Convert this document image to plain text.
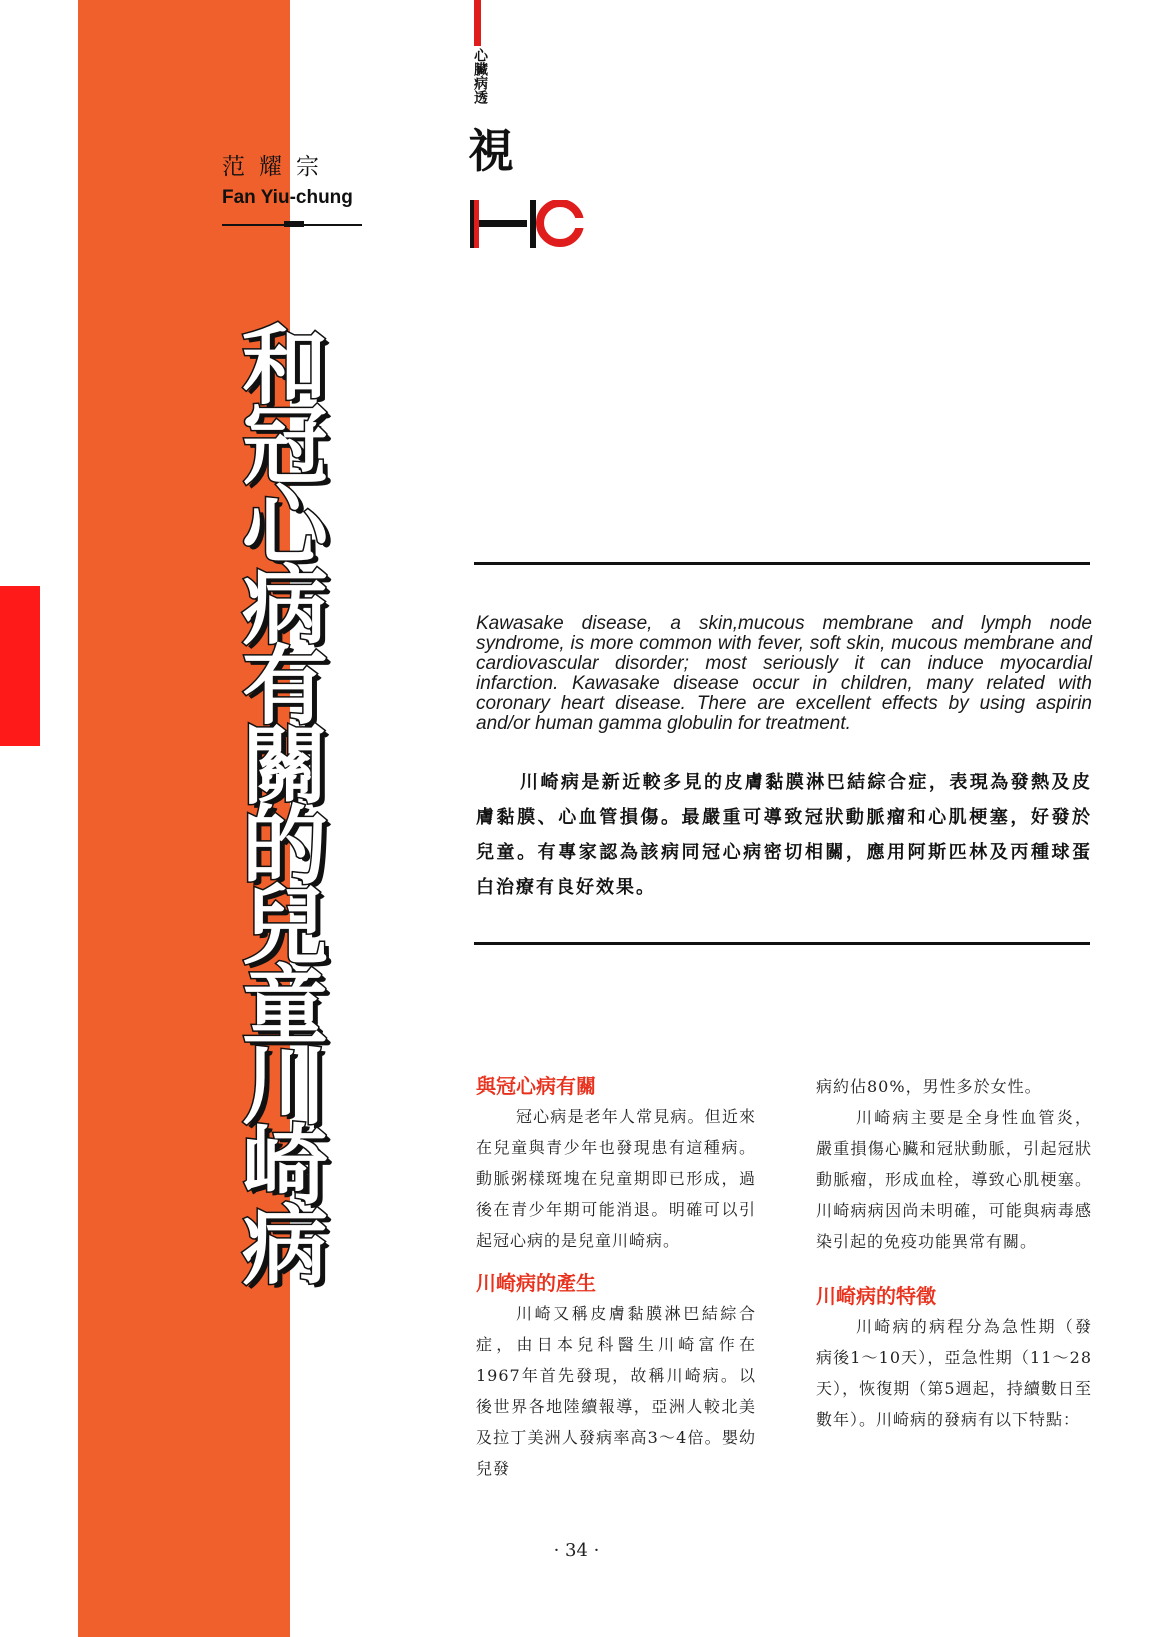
范耀宗
Fan Yiu-chung
心臟病透
視
和冠心病有關的兒童川崎病	Kawasake disease, a skin,mucous membrane and lymph node syndrome, is more common with fever, soft skin, mucous membrane and cardiovascular disorder; most seriously it can induce myocardial infarction. Kawasake disease occur in children, many related with coronary heart disease. There are excellent effects by using aspirin and/or human gamma globulin for treatment.
川崎病是新近較多見的皮膚黏膜淋巴結綜合症，表現為發熱及皮膚黏膜、心血管損傷。最嚴重可導致冠狀動脈瘤和心肌梗塞，好發於兒童。有專家認為該病同冠心病密切相關，應用阿斯匹林及丙種球蛋白治療有良好效果。
與冠心病有關

冠心病是老年人常見病。但近來在兒童與青少年也發現患有這種病。動脈粥樣斑塊在兒童期即已形成，過後在青少年期可能消退。明確可以引起冠心病的是兒童川崎病。

川崎病的產生

川崎又稱皮膚黏膜淋巴結綜合症，由日本兒科醫生川崎富作在1967年首先發現，故稱川崎病。以後世界各地陸續報導，亞洲人較北美及拉丁美洲人發病率高3～4倍。嬰幼兒發

病約佔80%，男性多於女性。

川崎病主要是全身性血管炎，嚴重損傷心臟和冠狀動脈，引起冠狀動脈瘤，形成血栓，導致心肌梗塞。川崎病病因尚未明確，可能與病毒感染引起的免疫功能異常有關。

川崎病的特徵

川崎病的病程分為急性期（發病後1～10天），亞急性期（11～28天），恢復期（第5週起，持續數日至數年）。川崎病的發病有以下特點：

· 34 ·
